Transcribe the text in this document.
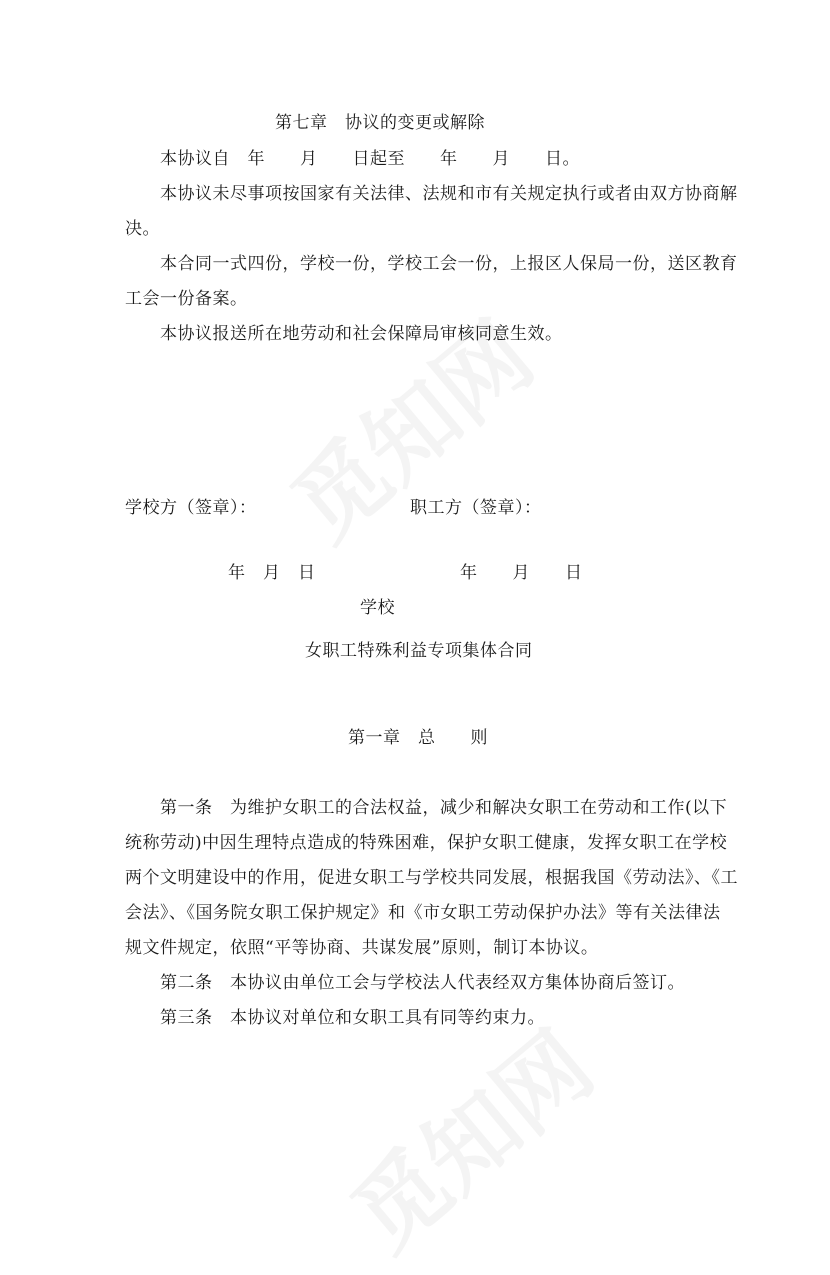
第七章　协议的变更或解除
本协议自　年　　月　　日起至　　年　　月　　日。
本协议未尽事项按国家有关法律、法规和市有关规定执行或者由双方协商解
决。
本合同一式四份，学校一份，学校工会一份，上报区人保局一份，送区教育
工会一份备案。
本协议报送所在地劳动和社会保障局审核同意生效。
学校方（签章）：	职工方（签章）：
年　月　日	年　　月　　日
学校
女职工特殊利益专项集体合同
第一章　总　　则
第一条　为维护女职工的合法权益，减少和解决女职工在劳动和工作(以下
统称劳动)中因生理特点造成的特殊困难，保护女职工健康，发挥女职工在学校
两个文明建设中的作用，促进女职工与学校共同发展，根据我国《劳动法》、《工
会法》、《国务院女职工保护规定》和《市女职工劳动保护办法》等有关法律法
规文件规定，依照“平等协商、共谋发展”原则，制订本协议。
第二条　本协议由单位工会与学校法人代表经双方集体协商后签订。
第三条　本协议对单位和女职工具有同等约束力。
